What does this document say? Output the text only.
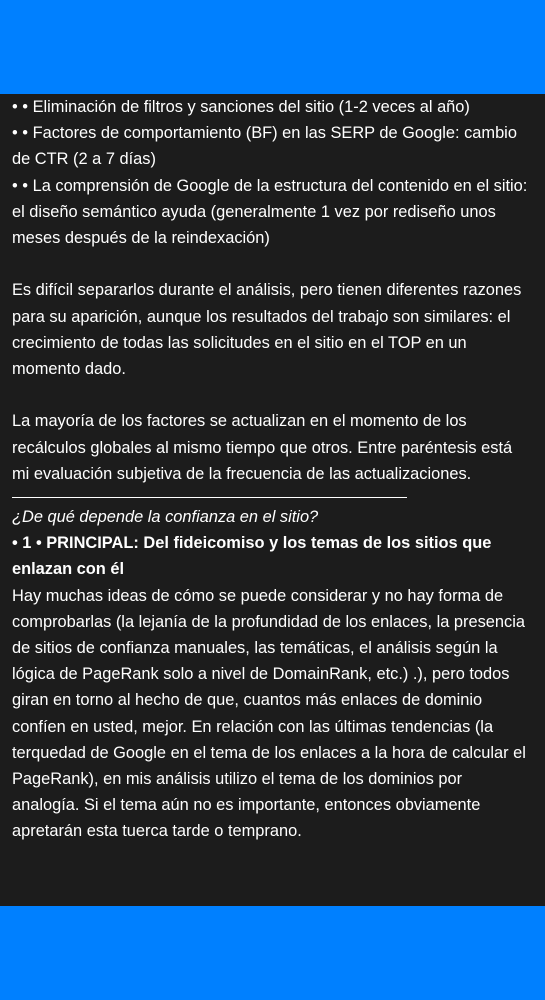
• • Eliminación de filtros y sanciones del sitio (1-2 veces al año)

• • Factores de comportamiento (BF) en las SERP de Google: cambio de CTR (2 a 7 días)

• • La comprensión de Google de la estructura del contenido en el sitio: el diseño semántico ayuda (generalmente 1 vez por rediseño unos meses después de la reindexación)

Es difícil separarlos durante el análisis, pero tienen diferentes razones para su aparición, aunque los resultados del trabajo son similares: el crecimiento de todas las solicitudes en el sitio en el TOP en un momento dado.

La mayoría de los factores se actualizan en el momento de los recálculos globales al mismo tiempo que otros. Entre paréntesis está mi evaluación subjetiva de la frecuencia de las actualizaciones.

¿De qué depende la confianza en el sitio?

• 1 • PRINCIPAL: Del fideicomiso y los temas de los sitios que enlazan con él

Hay muchas ideas de cómo se puede considerar y no hay forma de comprobarlas (la lejanía de la profundidad de los enlaces, la presencia de sitios de confianza manuales, las temáticas, el análisis según la lógica de PageRank solo a nivel de DomainRank, etc.) .), pero todos giran en torno al hecho de que, cuantos más enlaces de dominio confíen en usted, mejor. En relación con las últimas tendencias (la terquedad de Google en el tema de los enlaces a la hora de calcular el PageRank), en mis análisis utilizo el tema de los dominios por analogía. Si el tema aún no es importante, entonces obviamente apretarán esta tuerca tarde o temprano.
